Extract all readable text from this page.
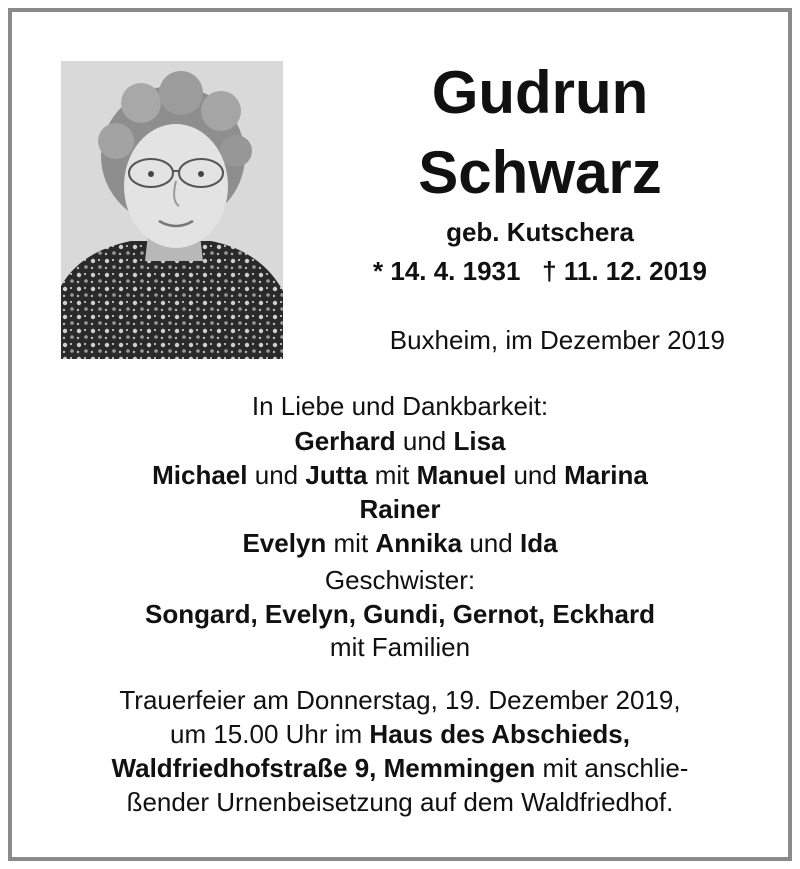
Gudrun
Schwarz
geb. Kutschera
* 14. 4. 1931 † 11. 12. 2019
Buxheim, im Dezember 2019
In Liebe und Dankbarkeit:
Gerhard und Lisa
Michael und Jutta mit Manuel und Marina
Rainer
Evelyn mit Annika und Ida
Geschwister:
Songard, Evelyn, Gundi, Gernot, Eckhard
mit Familien
Trauerfeier am Donnerstag, 19. Dezember 2019,
um 15.00 Uhr im Haus des Abschieds,
Waldfriedhofstraße 9, Memmingen mit anschlie-
ßender Urnenbeisetzung auf dem Waldfriedhof.
